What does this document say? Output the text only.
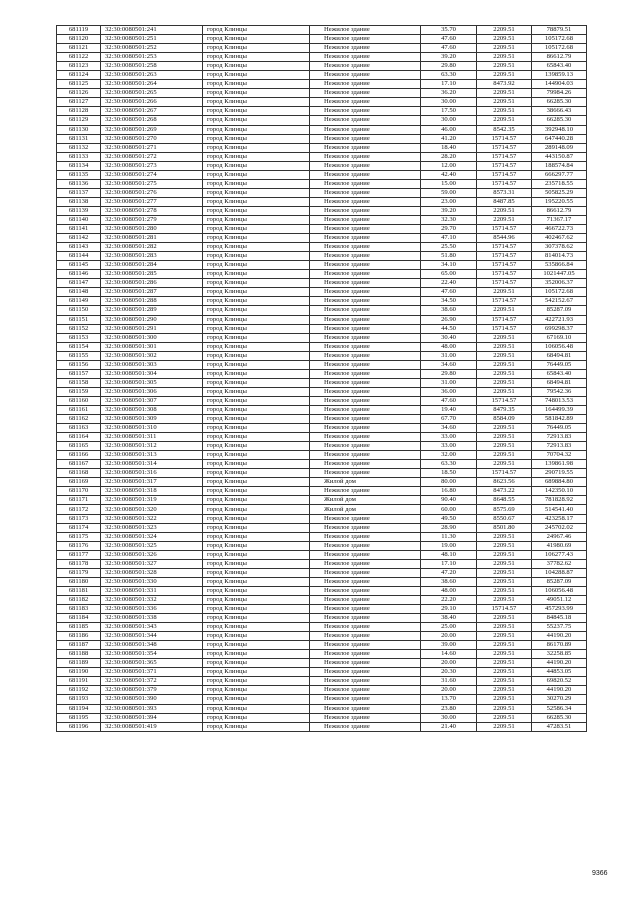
681119	32:30:0080501:241	город Клинцы	Нежилое здание	35.70	2209.51	78879.51
681120	32:30:0080501:251	город Клинцы	Нежилое здание	47.60	2209.51	105172.68
681121	32:30:0080501:252	город Клинцы	Нежилое здание	47.60	2209.51	105172.68
681122	32:30:0080501:253	город Клинцы	Нежилое здание	39.20	2209.51	86612.79
681123	32:30:0080501:258	город Клинцы	Нежилое здание	29.80	2209.51	65843.40
681124	32:30:0080501:263	город Клинцы	Нежилое здание	63.30	2209.51	139859.13
681125	32:30:0080501:264	город Клинцы	Нежилое здание	17.10	8473.92	144904.03
681126	32:30:0080501:265	город Клинцы	Нежилое здание	36.20	2209.51	79984.26
681127	32:30:0080501:266	город Клинцы	Нежилое здание	30.00	2209.51	66285.30
681128	32:30:0080501:267	город Клинцы	Нежилое здание	17.50	2209.51	38666.43
681129	32:30:0080501:268	город Клинцы	Нежилое здание	30.00	2209.51	66285.30
681130	32:30:0080501:269	город Клинцы	Нежилое здание	46.00	8542.35	392948.10
681131	32:30:0080501:270	город Клинцы	Нежилое здание	41.20	15714.57	647440.28
681132	32:30:0080501:271	город Клинцы	Нежилое здание	18.40	15714.57	289148.09
681133	32:30:0080501:272	город Клинцы	Нежилое здание	28.20	15714.57	443150.87
681134	32:30:0080501:273	город Клинцы	Нежилое здание	12.00	15714.57	188574.84
681135	32:30:0080501:274	город Клинцы	Нежилое здание	42.40	15714.57	666297.77
681136	32:30:0080501:275	город Клинцы	Нежилое здание	15.00	15714.57	235718.55
681137	32:30:0080501:276	город Клинцы	Нежилое здание	59.00	8573.31	505825.29
681138	32:30:0080501:277	город Клинцы	Нежилое здание	23.00	8487.85	195220.55
681139	32:30:0080501:278	город Клинцы	Нежилое здание	39.20	2209.51	86612.79
681140	32:30:0080501:279	город Клинцы	Нежилое здание	32.30	2209.51	71367.17
681141	32:30:0080501:280	город Клинцы	Нежилое здание	29.70	15714.57	466722.73
681142	32:30:0080501:281	город Клинцы	Нежилое здание	47.10	8544.96	402467.62
681143	32:30:0080501:282	город Клинцы	Нежилое здание	25.50	15714.57	307378.62
681144	32:30:0080501:283	город Клинцы	Нежилое здание	51.80	15714.57	814014.73
681145	32:30:0080501:284	город Клинцы	Нежилое здание	34.10	15714.57	535866.84
681146	32:30:0080501:285	город Клинцы	Нежилое здание	65.00	15714.57	1021447.05
681147	32:30:0080501:286	город Клинцы	Нежилое здание	22.40	15714.57	352006.37
681148	32:30:0080501:287	город Клинцы	Нежилое здание	47.60	2209.51	105172.68
681149	32:30:0080501:288	город Клинцы	Нежилое здание	34.50	15714.57	542152.67
681150	32:30:0080501:289	город Клинцы	Нежилое здание	38.60	2209.51	85287.09
681151	32:30:0080501:290	город Клинцы	Нежилое здание	26.90	15714.57	422721.93
681152	32:30:0080501:291	город Клинцы	Нежилое здание	44.50	15714.57	699298.37
681153	32:30:0080501:300	город Клинцы	Нежилое здание	30.40	2209.51	67169.10
681154	32:30:0080501:301	город Клинцы	Нежилое здание	48.00	2209.51	106056.48
681155	32:30:0080501:302	город Клинцы	Нежилое здание	31.00	2209.51	68494.81
681156	32:30:0080501:303	город Клинцы	Нежилое здание	34.60	2209.51	76449.05
681157	32:30:0080501:304	город Клинцы	Нежилое здание	29.80	2209.51	65843.40
681158	32:30:0080501:305	город Клинцы	Нежилое здание	31.00	2209.51	68494.81
681159	32:30:0080501:306	город Клинцы	Нежилое здание	36.00	2209.51	79542.36
681160	32:30:0080501:307	город Клинцы	Нежилое здание	47.60	15714.57	748013.53
681161	32:30:0080501:308	город Клинцы	Нежилое здание	19.40	8479.35	164499.39
681162	32:30:0080501:309	город Клинцы	Нежилое здание	67.70	8584.09	581842.89
681163	32:30:0080501:310	город Клинцы	Нежилое здание	34.60	2209.51	76449.05
681164	32:30:0080501:311	город Клинцы	Нежилое здание	33.00	2209.51	72913.83
681165	32:30:0080501:312	город Клинцы	Нежилое здание	33.00	2209.51	72913.83
681166	32:30:0080501:313	город Клинцы	Нежилое здание	32.00	2209.51	70704.32
681167	32:30:0080501:314	город Клинцы	Нежилое здание	63.30	2209.51	139861.98
681168	32:30:0080501:316	город Клинцы	Нежилое здание	18.50	15714.57	290719.55
681169	32:30:0080501:317	город Клинцы	Жилой дом	80.00	8623.56	689884.80
681170	32:30:0080501:318	город Клинцы	Нежилое здание	16.80	8473.22	142350.10
681171	32:30:0080501:319	город Клинцы	Жилой дом	90.40	8648.55	781828.92
681172	32:30:0080501:320	город Клинцы	Жилой дом	60.00	8575.69	514541.40
681173	32:30:0080501:322	город Клинцы	Нежилое здание	49.50	8550.67	423258.17
681174	32:30:0080501:323	город Клинцы	Нежилое здание	28.90	8501.80	245702.02
681175	32:30:0080501:324	город Клинцы	Нежилое здание	11.30	2209.51	24967.46
681176	32:30:0080501:325	город Клинцы	Нежилое здание	19.00	2209.51	41980.69
681177	32:30:0080501:326	город Клинцы	Нежилое здание	48.10	2209.51	106277.43
681178	32:30:0080501:327	город Клинцы	Нежилое здание	17.10	2209.51	37782.62
681179	32:30:0080501:328	город Клинцы	Нежилое здание	47.20	2209.51	104288.87
681180	32:30:0080501:330	город Клинцы	Нежилое здание	38.60	2209.51	85287.09
681181	32:30:0080501:331	город Клинцы	Нежилое здание	48.00	2209.51	106056.48
681182	32:30:0080501:332	город Клинцы	Нежилое здание	22.20	2209.51	49051.12
681183	32:30:0080501:336	город Клинцы	Нежилое здание	29.10	15714.57	457293.99
681184	32:30:0080501:338	город Клинцы	Нежилое здание	38.40	2209.51	84845.18
681185	32:30:0080501:343	город Клинцы	Нежилое здание	25.00	2209.51	55237.75
681186	32:30:0080501:344	город Клинцы	Нежилое здание	20.00	2209.51	44190.20
681187	32:30:0080501:348	город Клинцы	Нежилое здание	39.00	2209.51	86170.89
681188	32:30:0080501:354	город Клинцы	Нежилое здание	14.60	2209.51	32258.85
681189	32:30:0080501:365	город Клинцы	Нежилое здание	20.00	2209.51	44190.20
681190	32:30:0080501:371	город Клинцы	Нежилое здание	20.30	2209.51	44853.05
681191	32:30:0080501:372	город Клинцы	Нежилое здание	31.60	2209.51	69820.52
681192	32:30:0080501:379	город Клинцы	Нежилое здание	20.00	2209.51	44190.20
681193	32:30:0080501:390	город Клинцы	Нежилое здание	13.70	2209.51	30270.29
681194	32:30:0080501:393	город Клинцы	Нежилое здание	23.80	2209.51	52586.34
681195	32:30:0080501:394	город Клинцы	Нежилое здание	30.00	2209.51	66285.30
681196	32:30:0080501:419	город Клинцы	Нежилое здание	21.40	2209.51	47283.51
9366
